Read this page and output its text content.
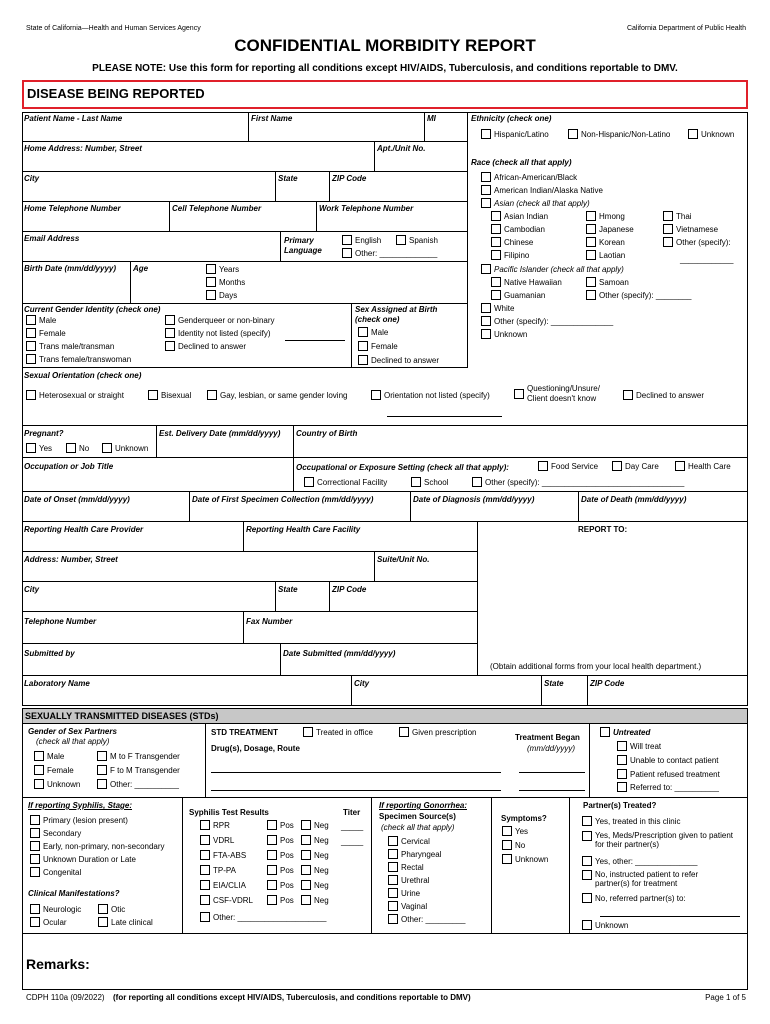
State of California—Health and Human Services Agency	California Department of Public Health
CONFIDENTIAL MORBIDITY REPORT
PLEASE NOTE: Use this form for reporting all conditions except HIV/AIDS, Tuberculosis, and conditions reportable to DMV.
DISEASE BEING REPORTED
Patient Name - Last Name	First Name	MI
Home Address: Number, Street	Apt./Unit No.
City	State	ZIP Code
Home Telephone Number	Cell Telephone Number	Work Telephone Number
Email Address	Primary Language
English	Spanish
Other: _____________
Birth Date (mm/dd/yyyy) Age	Years
Months
Days
Current Gender Identity (check one)
Male
Female
Trans male/transman
Trans female/transwoman
Genderqueer or non-binary
Identity not listed (specify)
Declined to answer
Sex Assigned at Birth (check one)
Male
Female
Declined to answer
Ethnicity (check one)
Hispanic/Latino	Non-Hispanic/Non-Latino	Unknown
Race (check all that apply)
African-American/Black
American Indian/Alaska Native
Asian (check all that apply)
Asian Indian	Hmong	Thai
Cambodian	Japanese	Vietnamese
Chinese	Korean	Other (specify):
Filipino	Laotian	____________
Pacific Islander (check all that apply)
Native Hawaiian	Samoan
Guamanian	Other (specify): ________
White
Other (specify): ______________
Unknown
Sexual Orientation (check one)
Heterosexual or straight	Bisexual	Gay, lesbian, or same gender loving	Orientation not listed (specify)
Questioning/Unsure/ Client doesn't know	Declined to answer
Pregnant?
Yes	No	Unknown
Est. Delivery Date (mm/dd/yyyy) Country of Birth
Occupation or Job Title	Occupational or Exposure Setting (check all that apply):	Food Service	Day Care	Health Care
Correctional Facility	School	Other (specify): ________________________________
Date of Onset (mm/dd/yyyy)	Date of First Specimen Collection (mm/dd/yyyy)	Date of Diagnosis (mm/dd/yyyy)	Date of Death (mm/dd/yyyy)
Reporting Health Care Provider	Reporting Health Care Facility	REPORT TO:
(Obtain additional forms from your local health department.)
Address: Number, Street	Suite/Unit No.
City	State	ZIP Code
Telephone Number	Fax Number
Submitted by	Date Submitted (mm/dd/yyyy)
Laboratory Name	City	State	ZIP Code
SEXUALLY TRANSMITTED DISEASES (STDs)
Gender of Sex Partners
(check all that apply)
Male
Female
Unknown
M to F Transgender
F to M Transgender
Other: __________
STD TREATMENT
Drug(s), Dosage, Route
Treated in office	Given prescription
Treatment Began
(mm/dd/yyyy)
Untreated
Will treat
Unable to contact patient
Patient refused treatment
Referred to: __________
If reporting Syphilis, Stage:
Primary (lesion present)
Secondary
Early, non-primary, non-secondary
Unknown Duration or Late
Congenital
Clinical Manifestations?
Neurologic	Otic
Ocular	Late clinical
Syphilis Test Results	Titer
RPR	Pos	Neg _____
VDRL	Pos	Neg _____
FTA-ABS	Pos	Neg
TP-PA	Pos	Neg
EIA/CLIA	Pos	Neg
CSF-VDRL	Pos	Neg
Other: ____________________
If reporting Gonorrhea:
Specimen Source(s)
(check all that apply)
Cervical
Pharyngeal
Rectal
Urethral
Urine
Vaginal
Other: _________
Symptoms?
Yes
No
Unknown
Partner(s) Treated?
Yes, treated in this clinic
Yes, Meds/Prescription given to patient for their partner(s)
Yes, other: ______________
No, instructed patient to refer partner(s) for treatment
No, referred partner(s) to:
Unknown
Remarks:
CDPH 110a (09/2022) (for reporting all conditions except HIV/AIDS, Tuberculosis, and conditions reportable to DMV)	Page 1 of 5
